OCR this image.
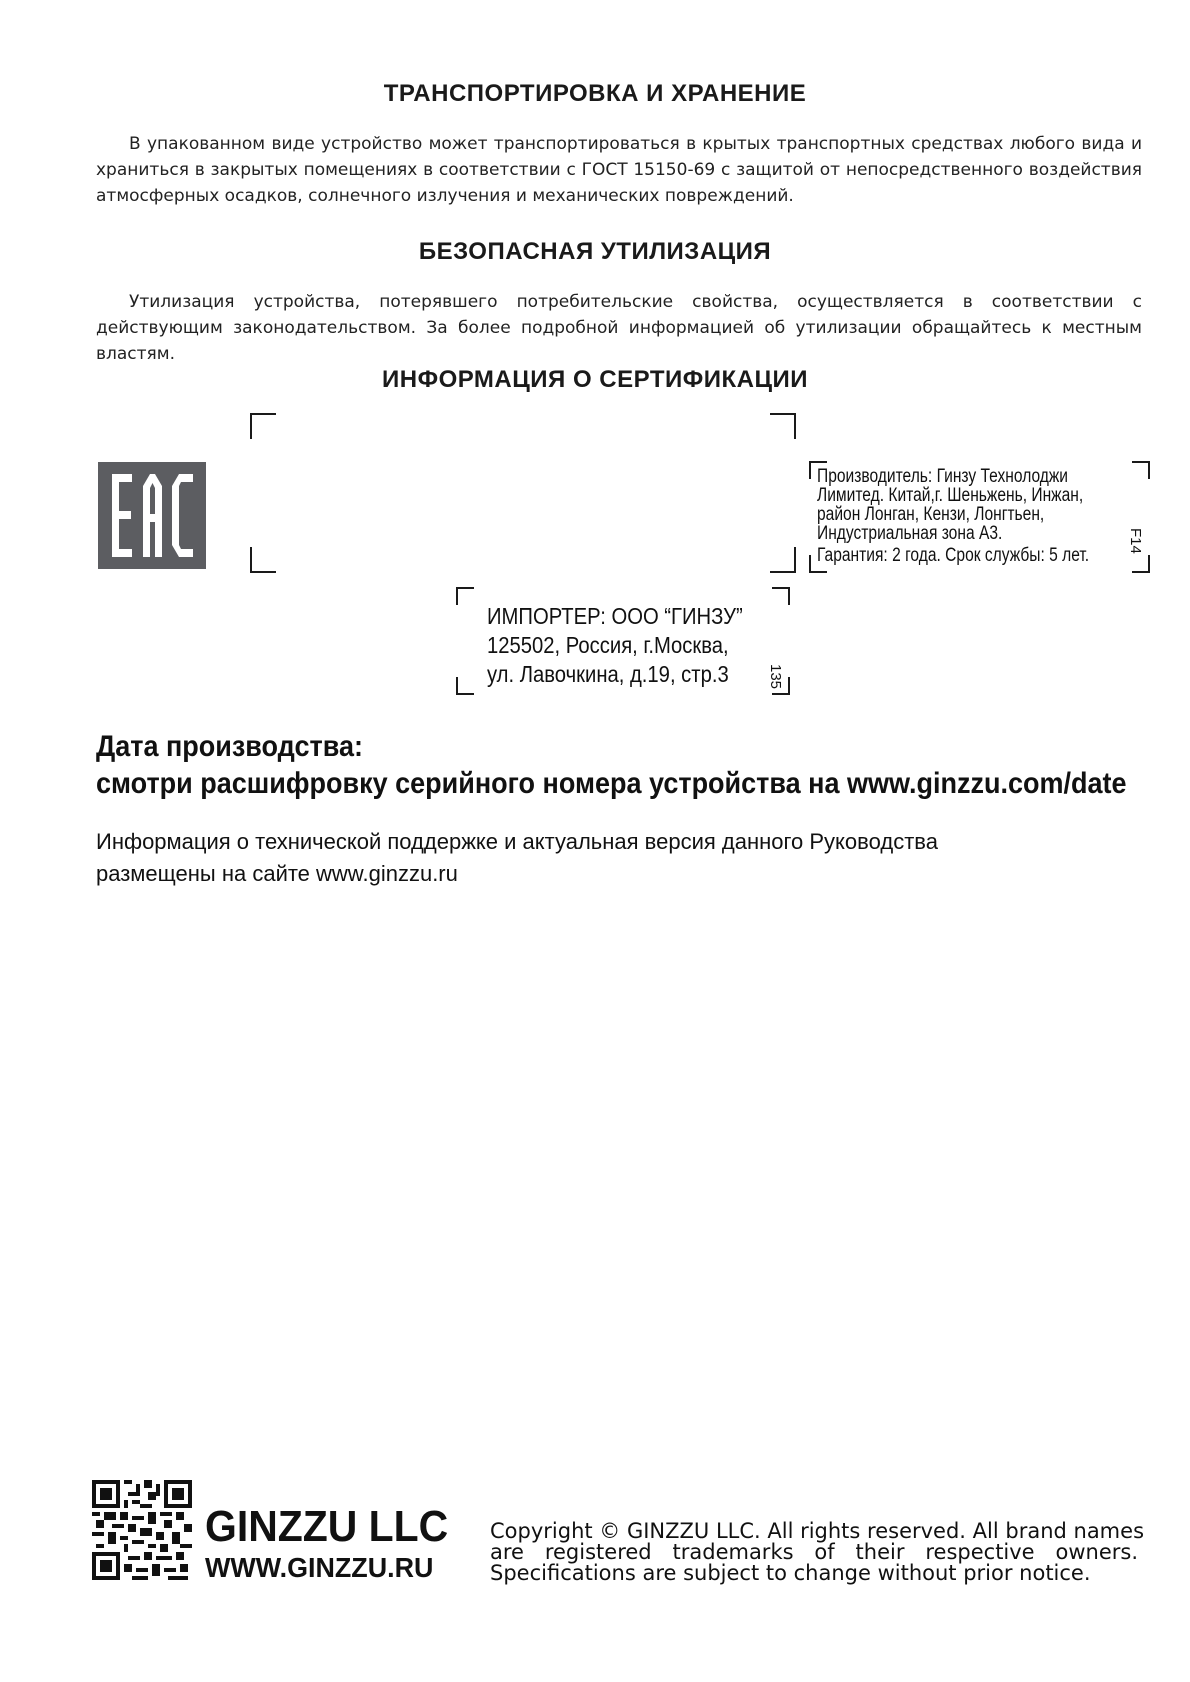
ТРАНСПОРТИРОВКА И ХРАНЕНИЕ

В упакованном виде устройство может транспортироваться в крытых транспортных средствах любого вида и храниться в закрытых помещениях в соответствии с ГОСТ 15150-69 с защитой от непосредственного воздействия атмосферных осадков, солнечного излучения и механических повреждений.

БЕЗОПАСНАЯ УТИЛИЗАЦИЯ

Утилизация устройства, потерявшего потребительские свойства, осуществляется в соответствии с действующим законодательством. За более подробной информацией об утилизации обращайтесь к местным властям.

ИНФОРМАЦИЯ О СЕРТИФИКАЦИИ
Производитель: Гинзу Технолоджи
Лимитед. Китай,г. Шеньжень, Инжан,
район Лонган, Кензи, Лонгтьен,
Индустриальная зона А3.
Гарантия: 2 года. Срок службы: 5 лет.
F14
ИМПОРТЕР: ООО “ГИНЗУ”
125502, Россия, г.Москва,
ул. Лавочкина, д.19, стр.3	135
Дата производства:
смотри расшифровку серийного номера устройства на www.ginzzu.com/date
Информация о технической поддержке и актуальная версия данного Руководства
размещены на сайте www.ginzzu.ru
GINZZU LLC
WWW.GINZZU.RU
Copyright © GINZZU LLC. All rights reserved. All brand names
are registered trademarks of their respective owners.
Specifications are subject to change without prior notice.
